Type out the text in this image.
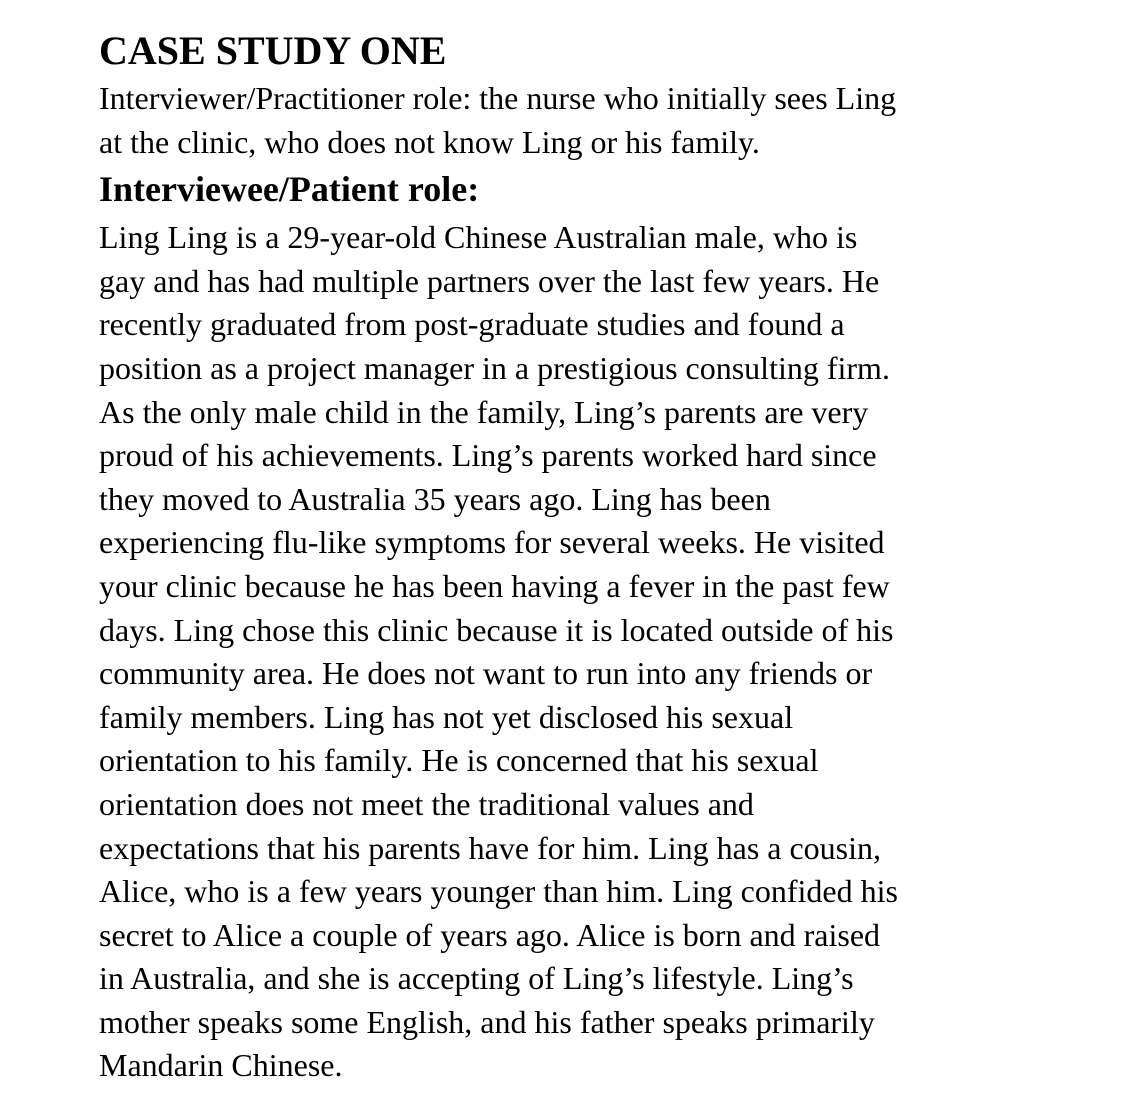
CASE STUDY ONE
Interviewer/Practitioner role: the nurse who initially sees Ling
at the clinic, who does not know Ling or his family.
Interviewee/Patient role:
Ling Ling is a 29-year-old Chinese Australian male, who is
gay and has had multiple partners over the last few years. He
recently graduated from post-graduate studies and found a
position as a project manager in a prestigious consulting firm.
As the only male child in the family, Ling’s parents are very
proud of his achievements. Ling’s parents worked hard since
they moved to Australia 35 years ago. Ling has been
experiencing flu-like symptoms for several weeks. He visited
your clinic because he has been having a fever in the past few
days. Ling chose this clinic because it is located outside of his
community area. He does not want to run into any friends or
family members. Ling has not yet disclosed his sexual
orientation to his family. He is concerned that his sexual
orientation does not meet the traditional values and
expectations that his parents have for him. Ling has a cousin,
Alice, who is a few years younger than him. Ling confided his
secret to Alice a couple of years ago. Alice is born and raised
in Australia, and she is accepting of Ling’s lifestyle. Ling’s
mother speaks some English, and his father speaks primarily
Mandarin Chinese.
